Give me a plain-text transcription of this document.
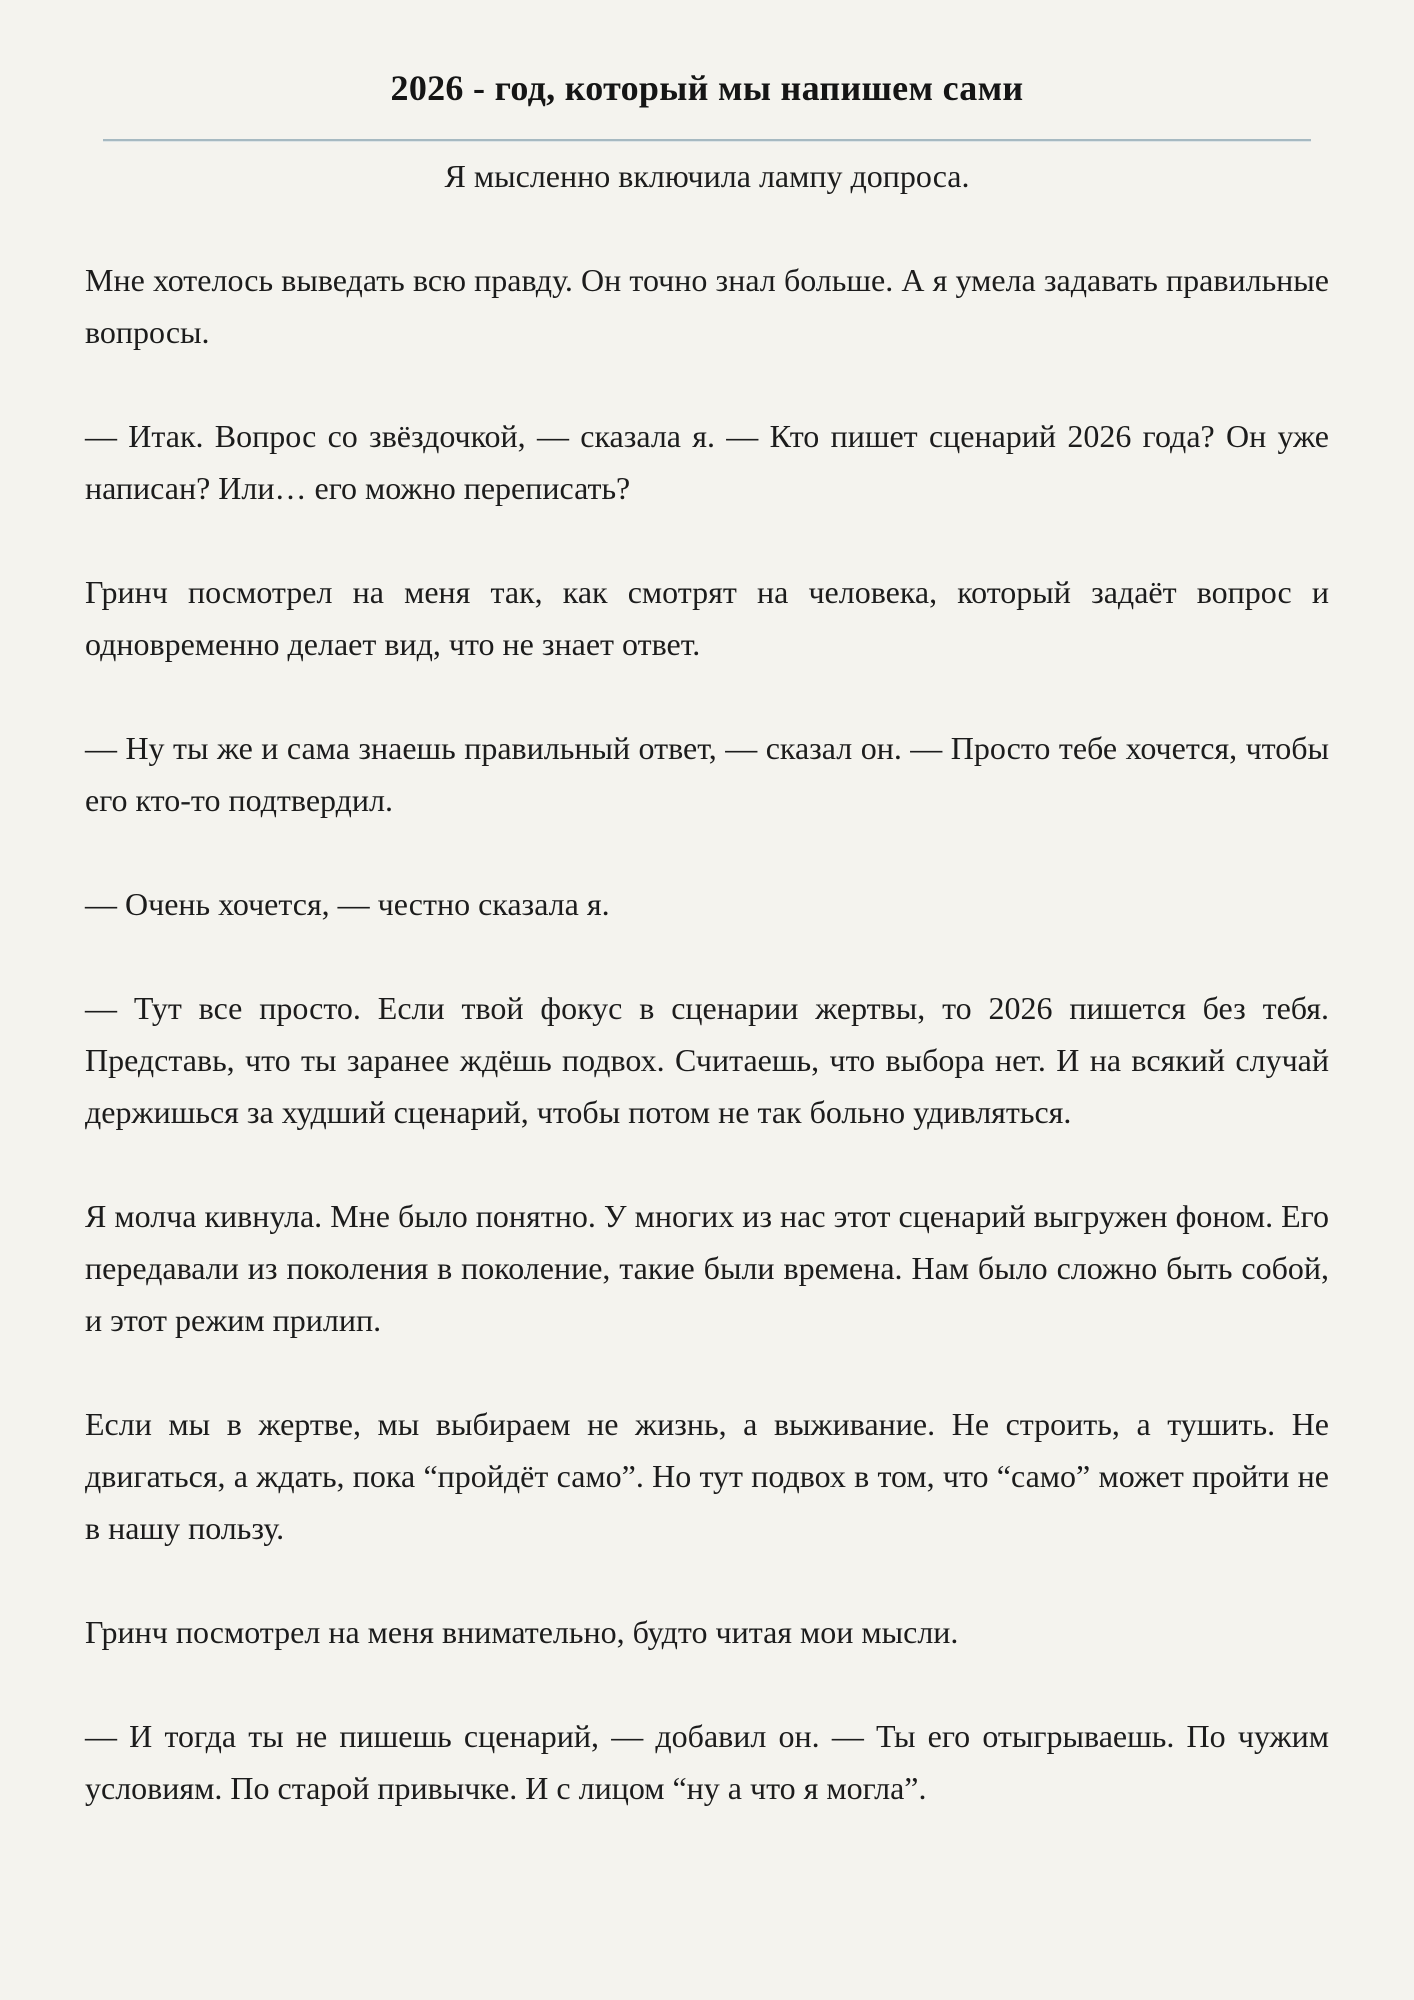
2026 - год, который мы напишем сами

Я мысленно включила лампу допроса.

Мне хотелось выведать всю правду. Он точно знал больше. А я умела задавать правильные вопросы.

— Итак. Вопрос со звёздочкой, — сказала я. — Кто пишет сценарий 2026 года? Он уже написан? Или… его можно переписать?

Гринч посмотрел на меня так, как смотрят на человека, который задаёт вопрос и одновременно делает вид, что не знает ответ.

— Ну ты же и сама знаешь правильный ответ, — сказал он. — Просто тебе хочется, чтобы его кто-то подтвердил.

— Очень хочется, — честно сказала я.

— Тут все просто. Если твой фокус в сценарии жертвы, то 2026 пишется без тебя. Представь, что ты заранее ждёшь подвох. Считаешь, что выбора нет. И на всякий случай держишься за худший сценарий, чтобы потом не так больно удивляться.

Я молча кивнула. Мне было понятно. У многих из нас этот сценарий выгружен фоном. Его передавали из поколения в поколение, такие были времена. Нам было сложно быть собой, и этот режим прилип.

Если мы в жертве, мы выбираем не жизнь, а выживание. Не строить, а тушить. Не двигаться, а ждать, пока “пройдёт само”. Но тут подвох в том, что “само” может пройти не в нашу пользу.

Гринч посмотрел на меня внимательно, будто читая мои мысли.

— И тогда ты не пишешь сценарий, — добавил он. — Ты его отыгрываешь. По чужим условиям. По старой привычке. И с лицом “ну а что я могла”.
